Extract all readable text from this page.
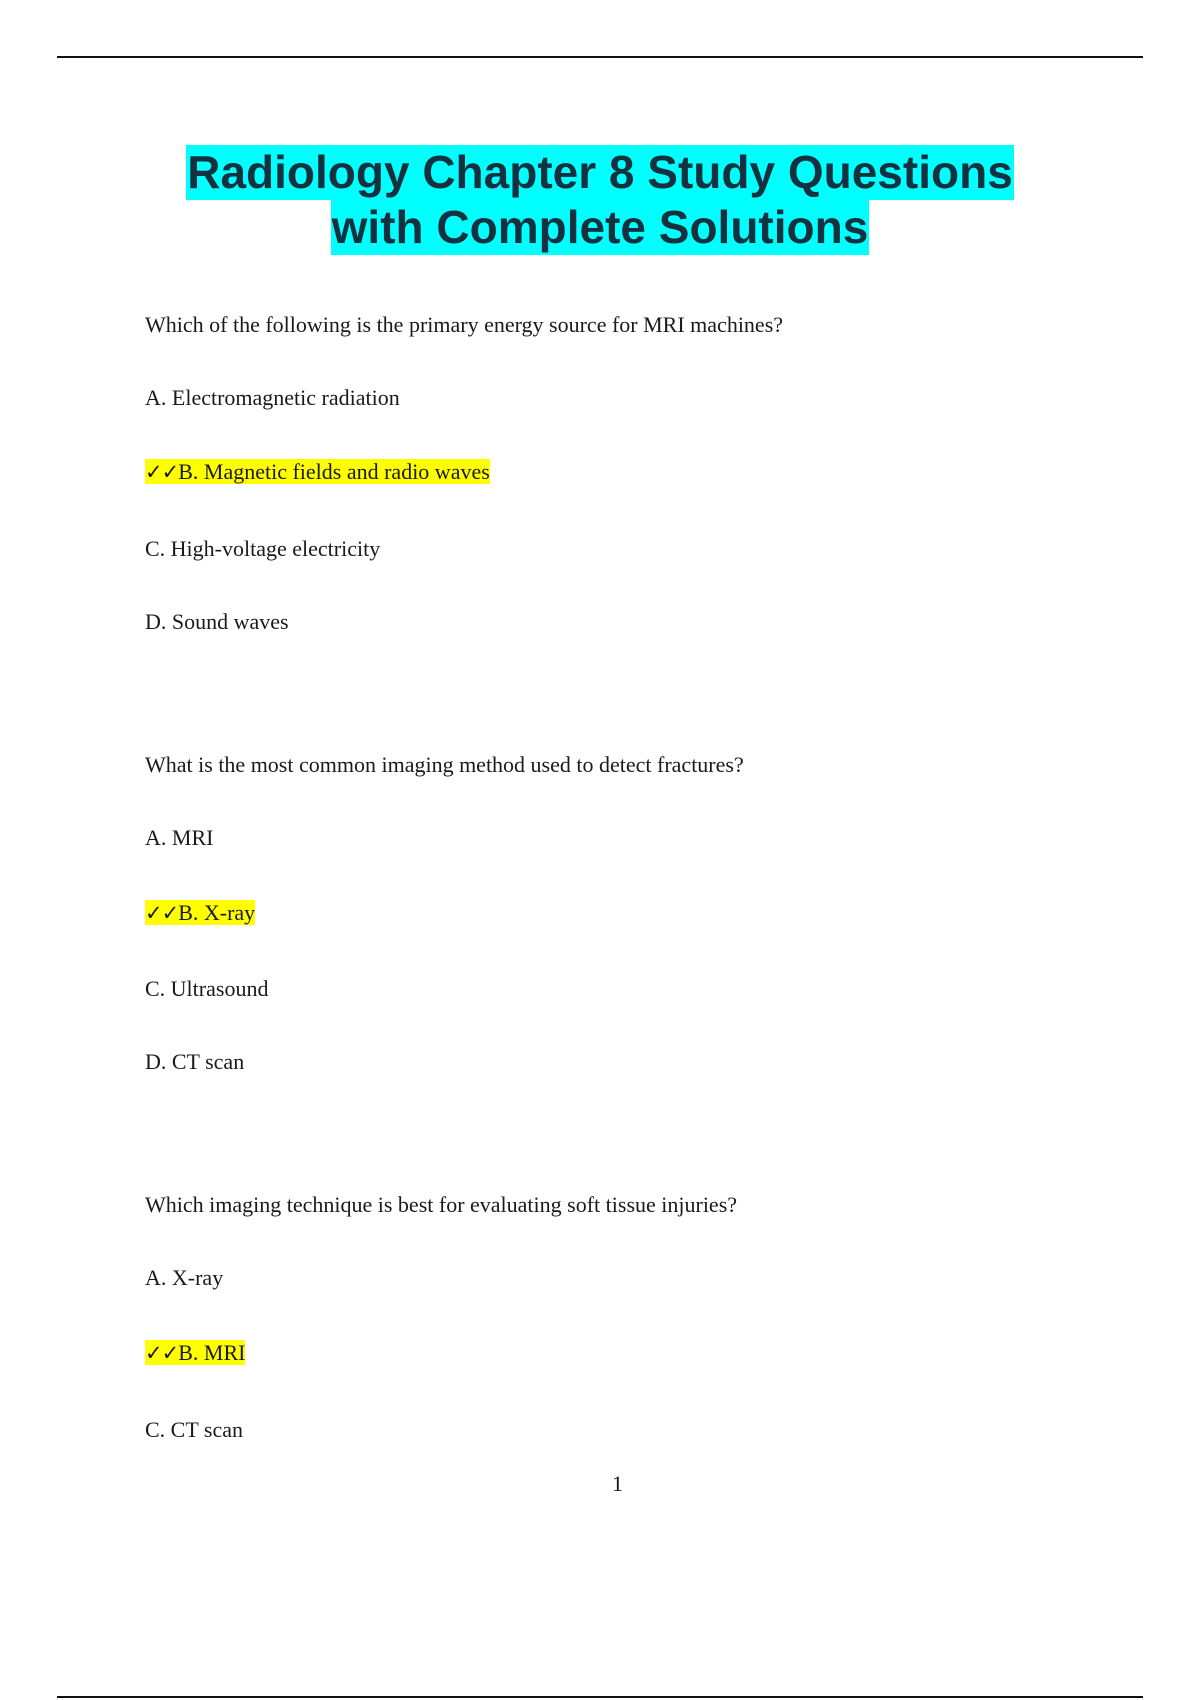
Radiology Chapter 8 Study Questions
with Complete Solutions

Which of the following is the primary energy source for MRI machines?

A. Electromagnetic radiation

✓✓B. Magnetic fields and radio waves

C. High-voltage electricity

D. Sound waves

What is the most common imaging method used to detect fractures?

A. MRI

✓✓B. X-ray

C. Ultrasound

D. CT scan

Which imaging technique is best for evaluating soft tissue injuries?

A. X-ray

✓✓B. MRI

C. CT scan

1
